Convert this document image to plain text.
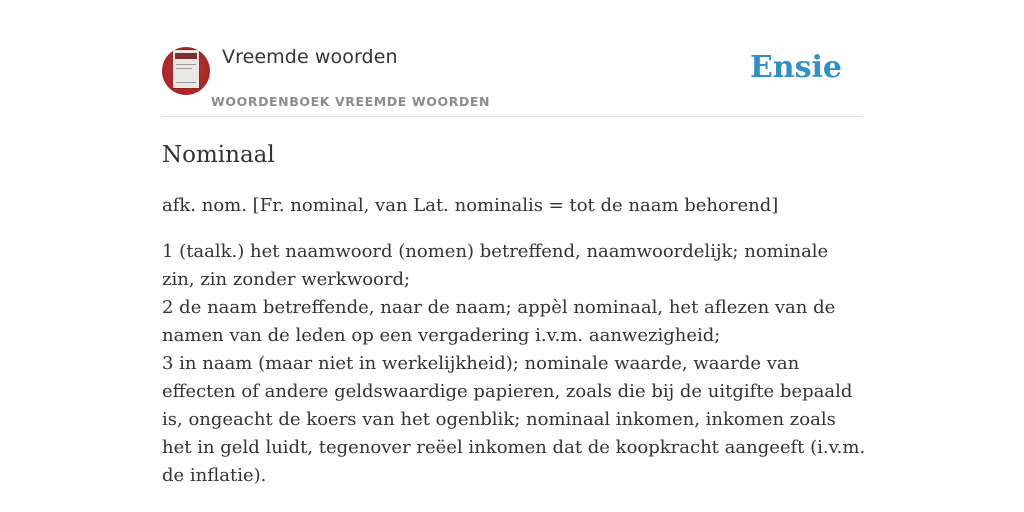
Vreemde woorden
WOORDENBOEK VREEMDE WOORDEN
Ensie
Nominaal

afk. nom. [Fr. nominal, van Lat. nominalis = tot de naam behorend]

1 (taalk.) het naamwoord (nomen) betreffend, naamwoordelijk; nominale zin, zin zonder werkwoord;
2 de naam betreffende, naar de naam; appèl nominaal, het aflezen van de namen van de leden op een vergadering i.v.m. aanwezigheid;
3 in naam (maar niet in werkelijkheid); nominale waarde, waarde van effecten of andere geldswaardige papieren, zoals die bij de uitgifte bepaald is, ongeacht de koers van het ogenblik; nominaal inkomen, inkomen zoals het in geld luidt, tegenover reëel inkomen dat de koopkracht aangeeft (i.v.m. de inflatie).
